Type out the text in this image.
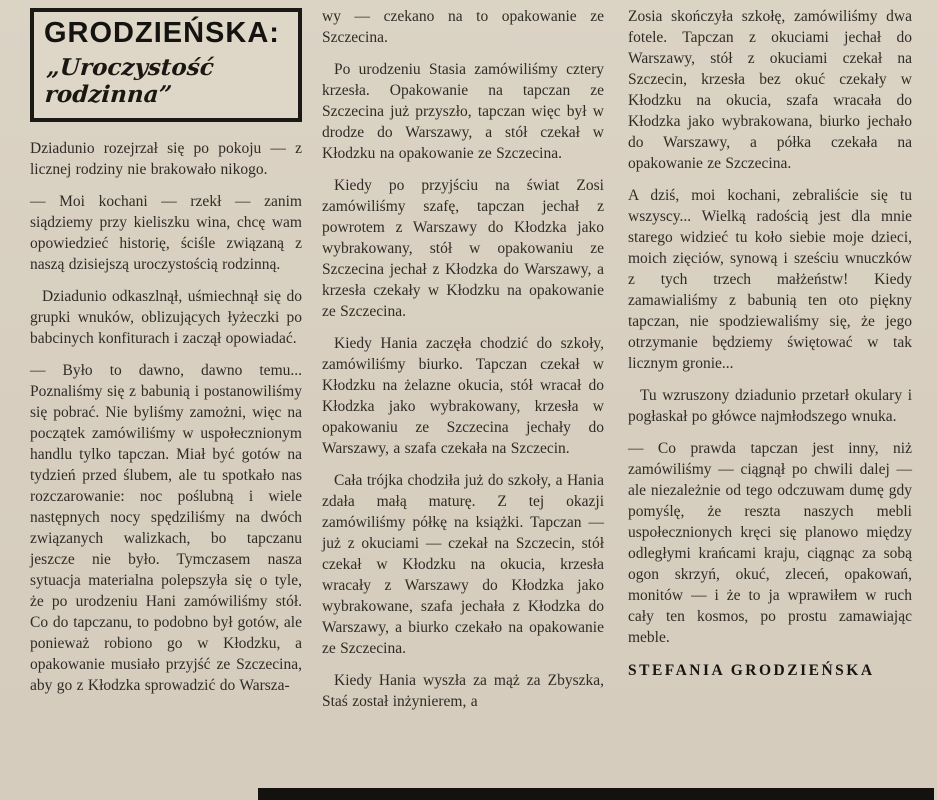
GRODZIEŃSKA:
„Uroczystość rodzinna”

Dziadunio rozejrzał się po pokoju — z licznej rodziny nie brakowało nikogo.

— Moi kochani — rzekł — zanim siądziemy przy kieliszku wina, chcę wam opowiedzieć historię, ściśle związaną z naszą dzisiejszą uroczystością rodzinną.

Dziadunio odkaszlnął, uśmiechnął się do grupki wnuków, oblizujących łyżeczki po babcinych konfiturach i zaczął opowiadać.

— Było to dawno, dawno temu... Poznaliśmy się z babunią i postanowiliśmy się pobrać. Nie byliśmy zamożni, więc na początek zamówiliśmy w uspołecznionym handlu tylko tapczan. Miał być gotów na tydzień przed ślubem, ale tu spotkało nas rozczarowanie: noc poślubną i wiele następnych nocy spędziliśmy na dwóch związanych walizkach, bo tapczanu jeszcze nie było. Tymczasem nasza sytuacja materialna polepszyła się o tyle, że po urodzeniu Hani zamówiliśmy stół. Co do tapczanu, to podobno był gotów, ale ponieważ robiono go w Kłodzku, a opakowanie musiało przyjść ze Szczecina, aby go z Kłodzka sprowadzić do Warsza-

wy — czekano na to opakowanie ze Szczecina.

Po urodzeniu Stasia zamówiliśmy cztery krzesła. Opakowanie na tapczan ze Szczecina już przyszło, tapczan więc był w drodze do Warszawy, a stół czekał w Kłodzku na opakowanie ze Szczecina.

Kiedy po przyjściu na świat Zosi zamówiliśmy szafę, tapczan jechał z powrotem z Warszawy do Kłodzka jako wybrakowany, stół w opakowaniu ze Szczecina jechał z Kłodzka do Warszawy, a krzesła czekały w Kłodzku na opakowanie ze Szczecina.

Kiedy Hania zaczęła chodzić do szkoły, zamówiliśmy biurko. Tapczan czekał w Kłodzku na żelazne okucia, stół wracał do Kłodzka jako wybrakowany, krzesła w opakowaniu ze Szczecina jechały do Warszawy, a szafa czekała na Szczecin.

Cała trójka chodziła już do szkoły, a Hania zdała małą maturę. Z tej okazji zamówiliśmy półkę na książki. Tapczan — już z okuciami — czekał na Szczecin, stół czekał w Kłodzku na okucia, krzesła wracały z Warszawy do Kłodzka jako wybrakowane, szafa jechała z Kłodzka do Warszawy, a biurko czekało na opakowanie ze Szczecina.

Kiedy Hania wyszła za mąż za Zbyszka, Staś został inżynierem, a

Zosia skończyła szkołę, zamówiliśmy dwa fotele. Tapczan z okuciami jechał do Warszawy, stół z okuciami czekał na Szczecin, krzesła bez okuć czekały w Kłodzku na okucia, szafa wracała do Kłodzka jako wybrakowana, biurko jechało do Warszawy, a półka czekała na opakowanie ze Szczecina.

A dziś, moi kochani, zebraliście się tu wszyscy... Wielką radością jest dla mnie starego widzieć tu koło siebie moje dzieci, moich zięciów, synową i sześciu wnuczków z tych trzech małżeństw! Kiedy zamawialiśmy z babunią ten oto piękny tapczan, nie spodziewaliśmy się, że jego otrzymanie będziemy świętować w tak licznym gronie...

Tu wzruszony dziadunio przetarł okulary i pogłaskał po główce najmłodszego wnuka.

— Co prawda tapczan jest inny, niż zamówiliśmy — ciągnął po chwili dalej — ale niezależnie od tego odczuwam dumę gdy pomyślę, że reszta naszych mebli uspołecznionych kręci się planowo między odległymi krańcami kraju, ciągnąc za sobą ogon skrzyń, okuć, zleceń, opakowań, monitów — i że to ja wprawiłem w ruch cały ten kosmos, po prostu zamawiając meble.

STEFANIA GRODZIEŃSKA
